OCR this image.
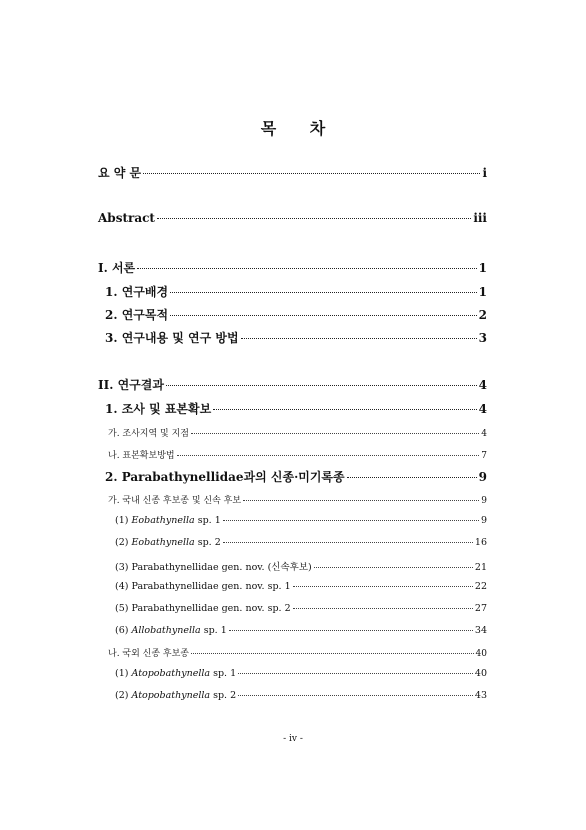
목 차
요 약 문	i
Abstract	iii
I. 서론	1
1. 연구배경	1
2. 연구목적	2
3. 연구내용 및 연구 방법	3
II. 연구결과	4
1. 조사 및 표본확보	4
가. 조사지역 및 지점	4
나. 표본확보방법	7
2. Parabathynellidae과의 신종·미기록종	9
가. 국내 신종 후보종 및 신속 후보	9
(1) Eobathynella sp. 1	9
(2) Eobathynella sp. 2	16
(3) Parabathynellidae gen. nov. (신속후보)	21
(4) Parabathynellidae gen. nov. sp. 1	22
(5) Parabathynellidae gen. nov. sp. 2	27
(6) Allobathynella sp. 1	34
나. 국외 신종 후보종	40
(1) Atopobathynella sp. 1	40
(2) Atopobathynella sp. 2	43
- iv -
